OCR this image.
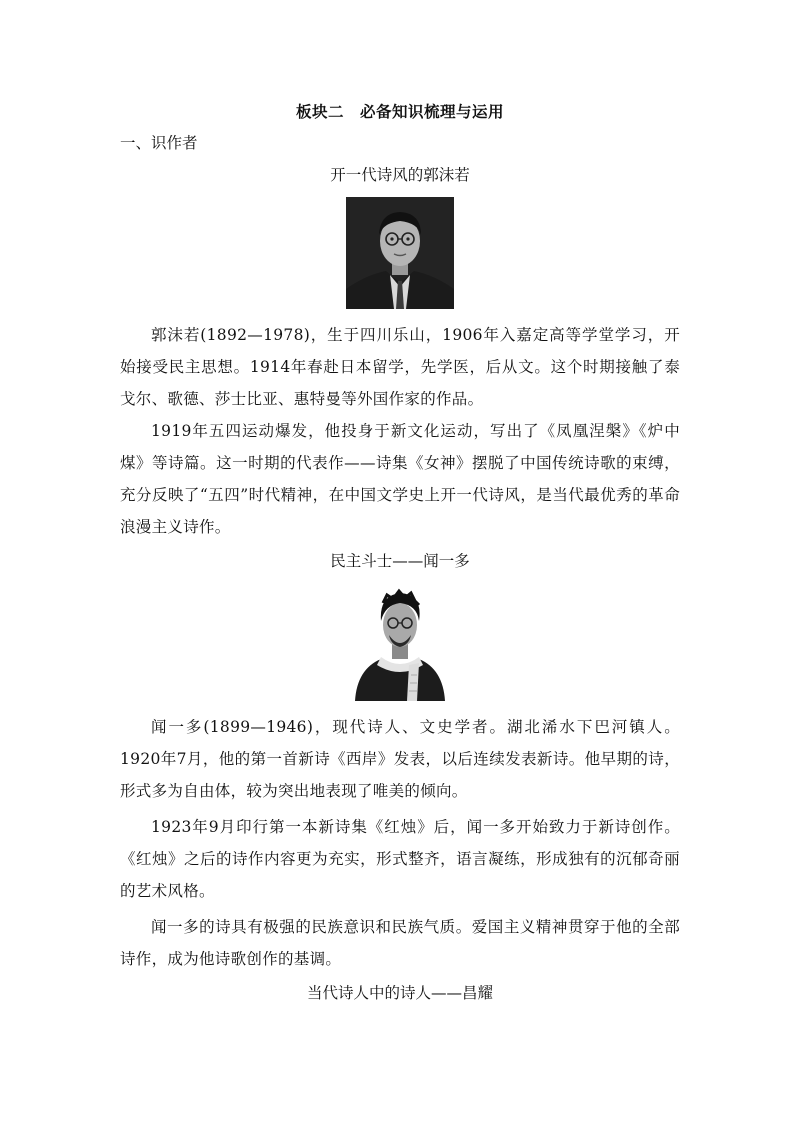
板块二　必备知识梳理与运用

一、识作者

开一代诗风的郭沫若

郭沫若(1892—1978)，生于四川乐山，1906年入嘉定高等学堂学习，开始接受民主思想。1914年春赴日本留学，先学医，后从文。这个时期接触了泰戈尔、歌德、莎士比亚、惠特曼等外国作家的作品。

1919年五四运动爆发，他投身于新文化运动，写出了《凤凰涅槃》《炉中煤》等诗篇。这一时期的代表作——诗集《女神》摆脱了中国传统诗歌的束缚，充分反映了“五四”时代精神，在中国文学史上开一代诗风，是当代最优秀的革命浪漫主义诗作。

民主斗士——闻一多

闻一多(1899—1946)，现代诗人、文史学者。湖北浠水下巴河镇人。1920年7月，他的第一首新诗《西岸》发表，以后连续发表新诗。他早期的诗，形式多为自由体，较为突出地表现了唯美的倾向。

1923年9月印行第一本新诗集《红烛》后，闻一多开始致力于新诗创作。《红烛》之后的诗作内容更为充实，形式整齐，语言凝练，形成独有的沉郁奇丽的艺术风格。

闻一多的诗具有极强的民族意识和民族气质。爱国主义精神贯穿于他的全部诗作，成为他诗歌创作的基调。

当代诗人中的诗人——昌耀
